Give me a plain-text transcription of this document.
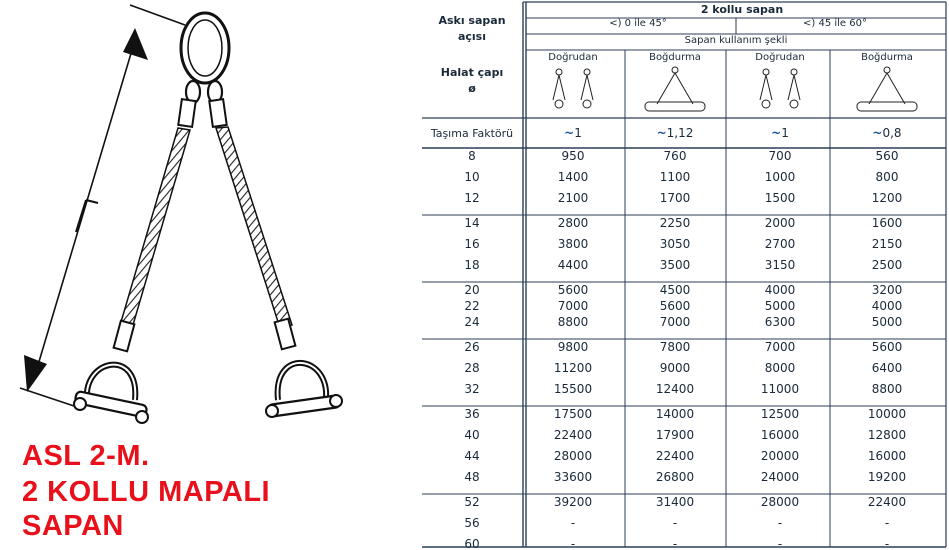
ASL 2-M.
2 KOLLU MAPALI
SAPAN
Askı sapan
açısı
Halat çapı
ø
2 kollu sapan
<) 0 ile 45°	<) 45 ile 60°
Sapan kullanım şekli
Doğrudan	Boğdurma	Doğrudan	Boğdurma
Taşıma Faktörü	~1	~1,12	~1	~0,8
8	950	760	700	560
10	1400	1100	1000	800
12	2100	1700	1500	1200
14	2800	2250	2000	1600
16	3800	3050	2700	2150
18	4400	3500	3150	2500
20	5600	4500	4000	3200
22	7000	5600	5000	4000
24	8800	7000	6300	5000
26	9800	7800	7000	5600
28	11200	9000	8000	6400
32	15500	12400	11000	8800
36	17500	14000	12500	10000
40	22400	17900	16000	12800
44	28000	22400	20000	16000
48	33600	26800	24000	19200
52	39200	31400	28000	22400
56	-	-	-	-
60	-	-	-	-
